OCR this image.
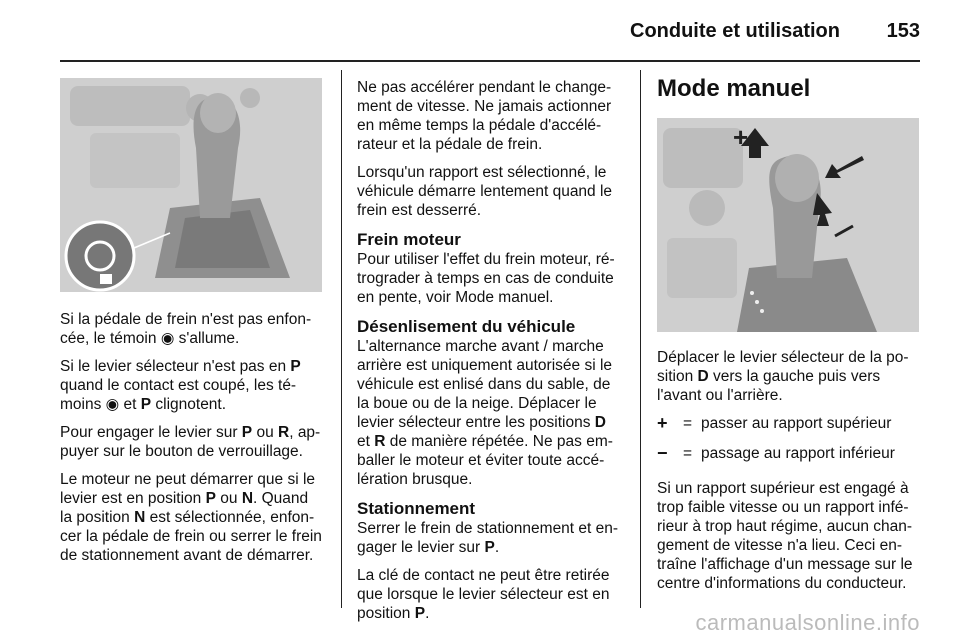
Conduite et utilisation 153

Si la pédale de frein n'est pas enfon-cée, le témoin ◉ s'allume.

Si le levier sélecteur n'est pas en P quand le contact est coupé, les té-moins ◉ et P clignotent.

Pour engager le levier sur P ou R, ap-puyer sur le bouton de verrouillage.

Le moteur ne peut démarrer que si le levier est en position P ou N. Quand la position N est sélectionnée, enfon-cer la pédale de frein ou serrer le frein de stationnement avant de démarrer.

Ne pas accélérer pendant le change-ment de vitesse. Ne jamais actionner en même temps la pédale d'accélé-rateur et la pédale de frein.

Lorsqu'un rapport est sélectionné, le véhicule démarre lentement quand le frein est desserré.

Frein moteur

Pour utiliser l'effet du frein moteur, ré-trograder à temps en cas de conduite en pente, voir Mode manuel.

Désenlisement du véhicule

L'alternance marche avant / marche arrière est uniquement autorisée si le véhicule est enlisé dans du sable, de la boue ou de la neige. Déplacer le levier sélecteur entre les positions D et R de manière répétée. Ne pas em-baller le moteur et éviter toute accé-lération brusque.

Stationnement

Serrer le frein de stationnement et en-gager le levier sur P.

La clé de contact ne peut être retirée que lorsque le levier sélecteur est en position P.

Mode manuel
+

Déplacer le levier sélecteur de la po-sition D vers la gauche puis vers l'avant ou l'arrière.

+ = passer au rapport supérieur
− = passage au rapport inférieur

Si un rapport supérieur est engagé à trop faible vitesse ou un rapport infé-rieur à trop haut régime, aucun chan-gement de vitesse n'a lieu. Ceci en-traîne l'affichage d'un message sur le centre d'informations du conducteur.

carmanualsonline.info
